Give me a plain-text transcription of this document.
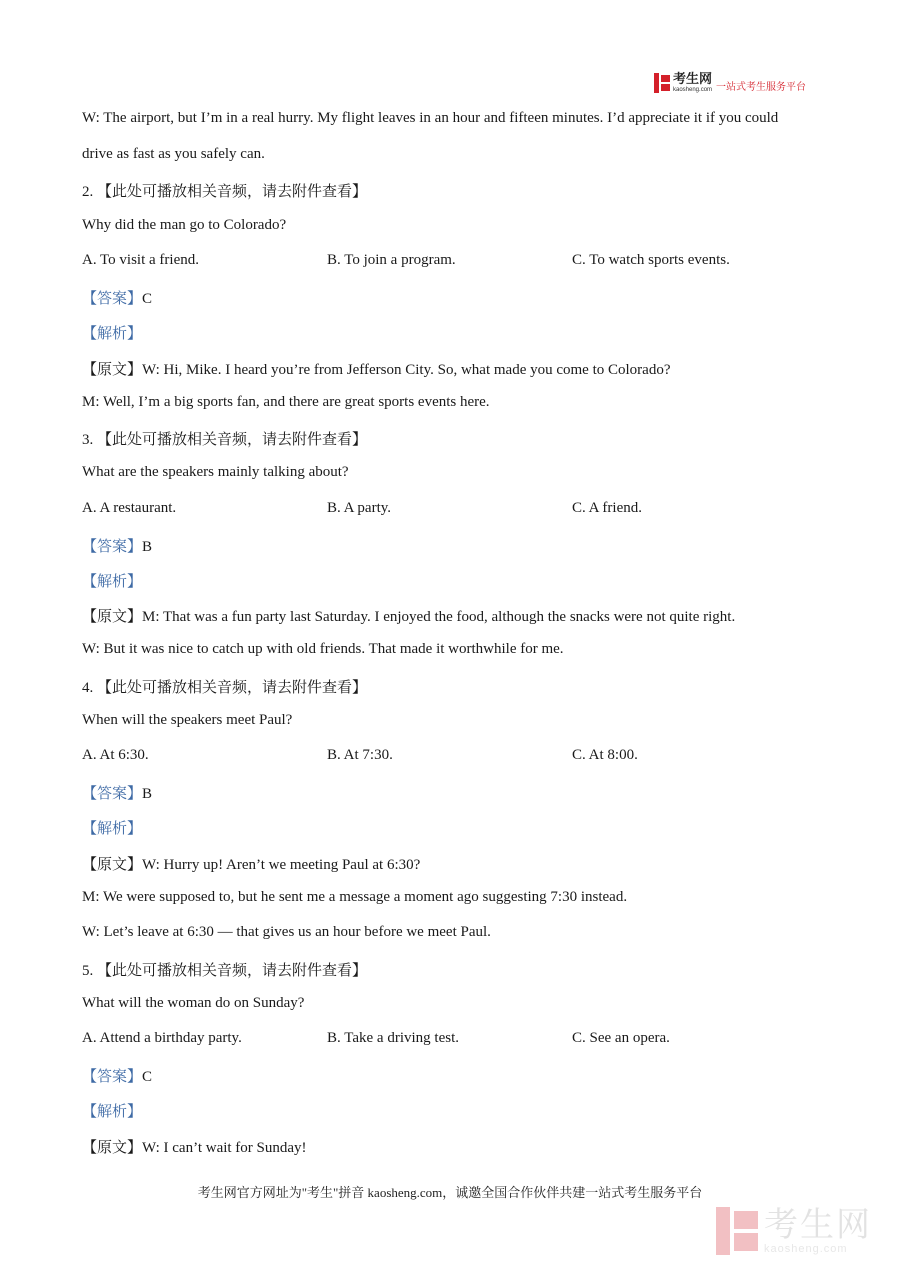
考生网
kaosheng.com 一站式考生服务平台
W: The airport, but I’m in a real hurry. My flight leaves in an hour and fifteen minutes. I’d appreciate it if you could
drive as fast as you safely can.
2. 【此处可播放相关音频，请去附件查看】
Why did the man go to Colorado?
A. To visit a friend.	B. To join a program.	C. To watch sports events.
【答案】C
【解析】
【原文】W: Hi, Mike. I heard you’re from Jefferson City. So, what made you come to Colorado?
M: Well, I’m a big sports fan, and there are great sports events here.
3. 【此处可播放相关音频，请去附件查看】
What are the speakers mainly talking about?
A. A restaurant.	B. A party.	C. A friend.
【答案】B
【解析】
【原文】M: That was a fun party last Saturday. I enjoyed the food, although the snacks were not quite right.
W: But it was nice to catch up with old friends. That made it worthwhile for me.
4. 【此处可播放相关音频，请去附件查看】
When will the speakers meet Paul?
A. At 6:30.	B. At 7:30.	C. At 8:00.
【答案】B
【解析】
【原文】W: Hurry up! Aren’t we meeting Paul at 6:30?
M: We were supposed to, but he sent me a message a moment ago suggesting 7:30 instead.
W: Let’s leave at 6:30 — that gives us an hour before we meet Paul.
5. 【此处可播放相关音频，请去附件查看】
What will the woman do on Sunday?
A. Attend a birthday party.	B. Take a driving test.	C. See an opera.
【答案】C
【解析】
【原文】W: I can’t wait for Sunday!
考生网官方网址为"考生"拼音 kaosheng.com，诚邀全国合作伙伴共建一站式考生服务平台
考生网
kaosheng.com
